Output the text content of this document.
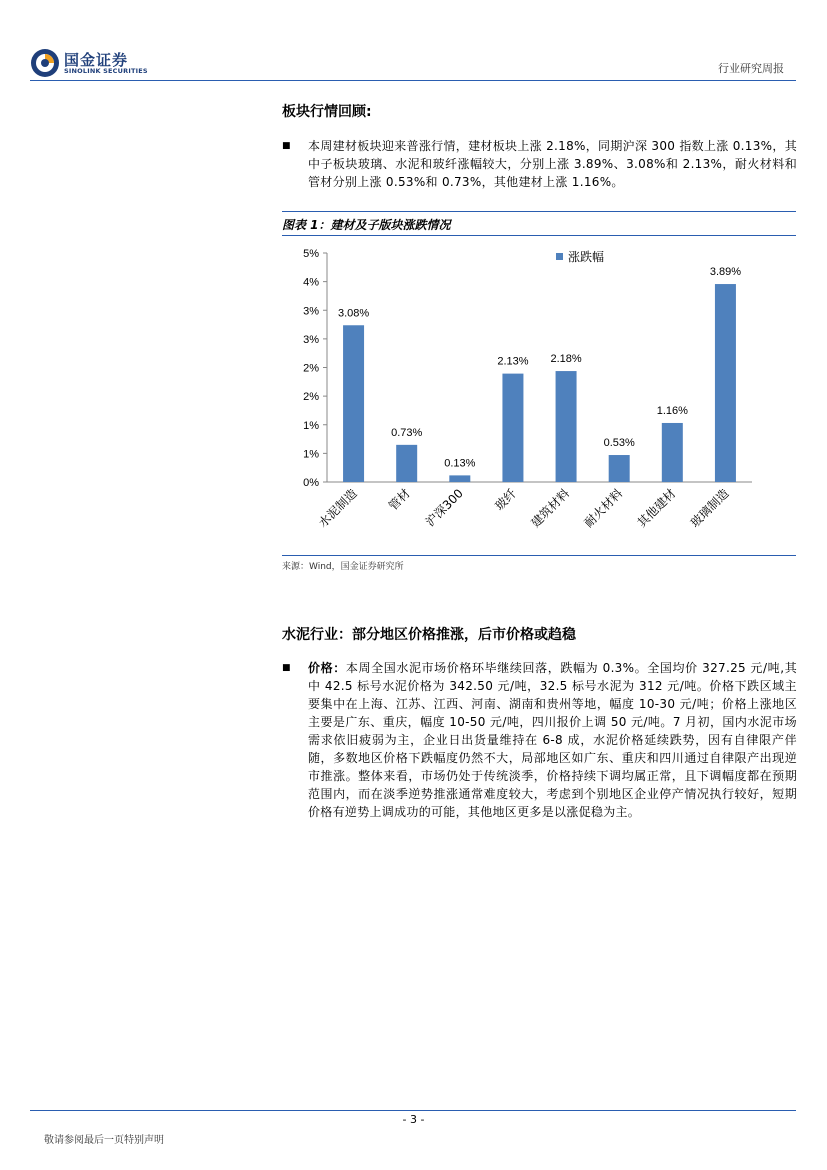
国金证券
SINOLINK SECURITIES	行业研究周报
板块行情回顾:
■ 本周建材板块迎来普涨行情，建材板块上涨 2.18%，同期沪深 300 指数上涨 0.13%，其中子板块玻璃、水泥和玻纤涨幅较大，分别上涨 3.89%、3.08%和 2.13%，耐火材料和管材分别上涨 0.53%和 0.73%，其他建材上涨 1.16%。
图表 1：建材及子版块涨跌情况
5%
4%
3%
3%
2%
2%
1%
1%
0%
3.08%
0.73%
0.13%
2.13% 2.18%
0.53%
1.16%
3.89%
水泥制造 管材 沪深300 玻纤 建筑材料 耐火材料 其他建材 玻璃制造
涨跌幅
来源：Wind，国金证券研究所
水泥行业：部分地区价格推涨，后市价格或趋稳
■ 价格：本周全国水泥市场价格环毕继续回落，跌幅为 0.3%。全国均价 327.25 元/吨,其中 42.5 标号水泥价格为 342.50 元/吨，32.5 标号水泥为 312 元/吨。价格下跌区域主要集中在上海、江苏、江西、河南、湖南和贵州等地，幅度 10-30 元/吨；价格上涨地区主要是广东、重庆，幅度 10-50 元/吨，四川报价上调 50 元/吨。7 月初，国内水泥市场需求依旧疲弱为主，企业日出货量维持在 6-8 成，水泥价格延续跌势，因有自律限产伴随，多数地区价格下跌幅度仍然不大，局部地区如广东、重庆和四川通过自律限产出现逆市推涨。整体来看，市场仍处于传统淡季，价格持续下调均属正常，且下调幅度都在预期范围内，而在淡季逆势推涨通常难度较大，考虑到个别地区企业停产情况执行较好，短期价格有逆势上调成功的可能，其他地区更多是以涨促稳为主。
- 3 -
敬请参阅最后一页特别声明
